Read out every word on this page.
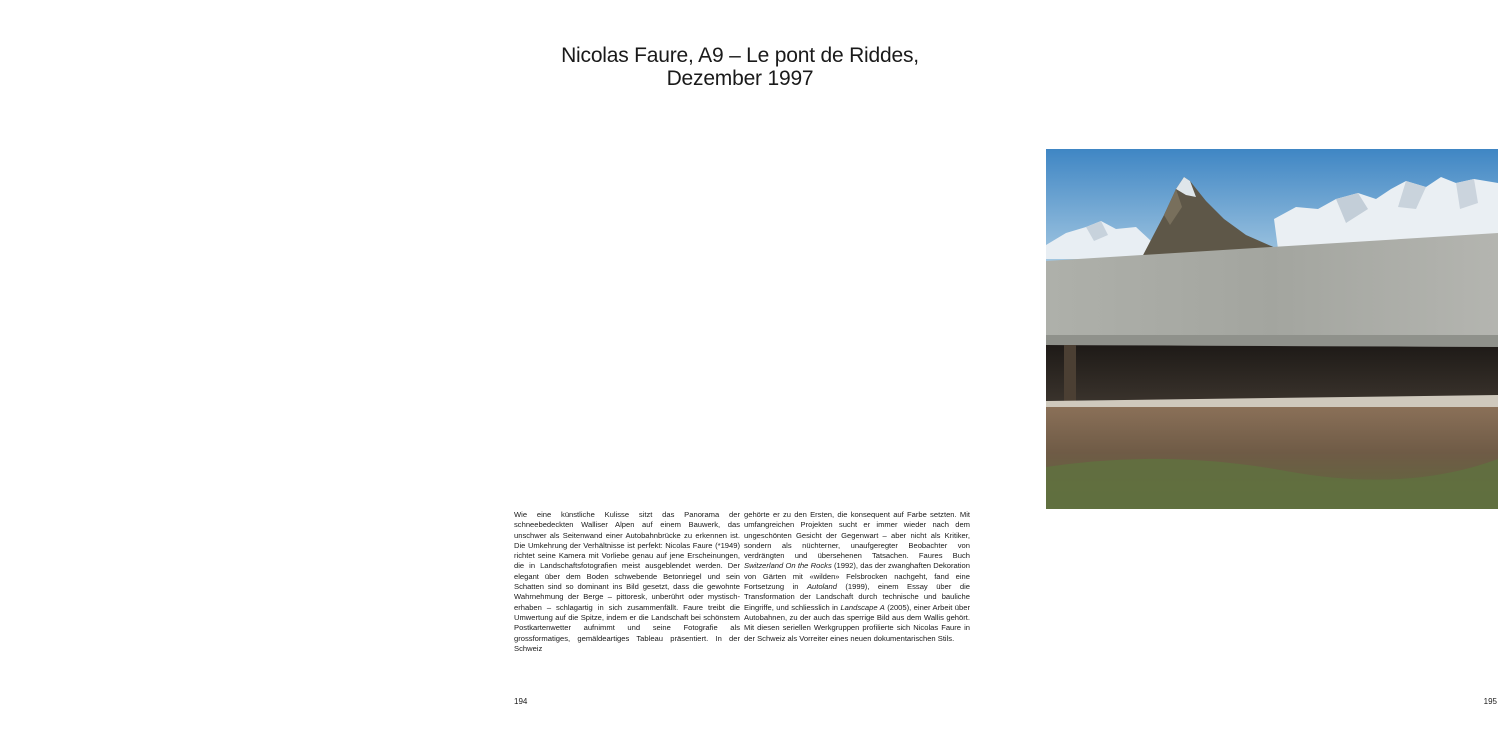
Nicolas Faure, A9 – Le pont de Riddes,
Dezember 1997

Wie eine künstliche Kulisse sitzt das Panorama der schneebedeckten Walliser Alpen auf einem Bauwerk, das unschwer als Seitenwand einer Autobahnbrücke zu erkennen ist. Die Umkehrung der Verhältnisse ist perfekt: Nicolas Faure (*1949) richtet seine Kamera mit Vorliebe genau auf jene Erscheinungen, die in Landschaftsfotografien meist ausgeblendet werden. Der elegant über dem Boden schwebende Betonriegel und sein Schatten sind so dominant ins Bild gesetzt, dass die gewohnte Wahrnehmung der Berge – pittoresk, unberührt oder mystisch-erhaben – schlagartig in sich zusammenfällt. Faure treibt die Umwertung auf die Spitze, indem er die Landschaft bei schönstem Postkartenwetter aufnimmt und seine Fotografie als grossformatiges, gemäldeartiges Tableau präsentiert. In der Schweiz

gehörte er zu den Ersten, die konsequent auf Farbe setzten. Mit umfangreichen Projekten sucht er immer wieder nach dem ungeschönten Gesicht der Gegenwart – aber nicht als Kritiker, sondern als nüchterner, unaufgeregter Beobachter von verdrängten und übersehenen Tatsachen. Faures Buch Switzerland On the Rocks (1992), das der zwanghaften Dekoration von Gärten mit «wilden» Felsbrocken nachgeht, fand eine Fortsetzung in Autoland (1999), einem Essay über die Transformation der Landschaft durch technische und bauliche Eingriffe, und schliesslich in Landscape A (2005), einer Arbeit über Autobahnen, zu der auch das sperrige Bild aus dem Wallis gehört. Mit diesen seriellen Werkgruppen profilierte sich Nicolas Faure in der Schweiz als Vorreiter eines neuen dokumentarischen Stils.

194	195
